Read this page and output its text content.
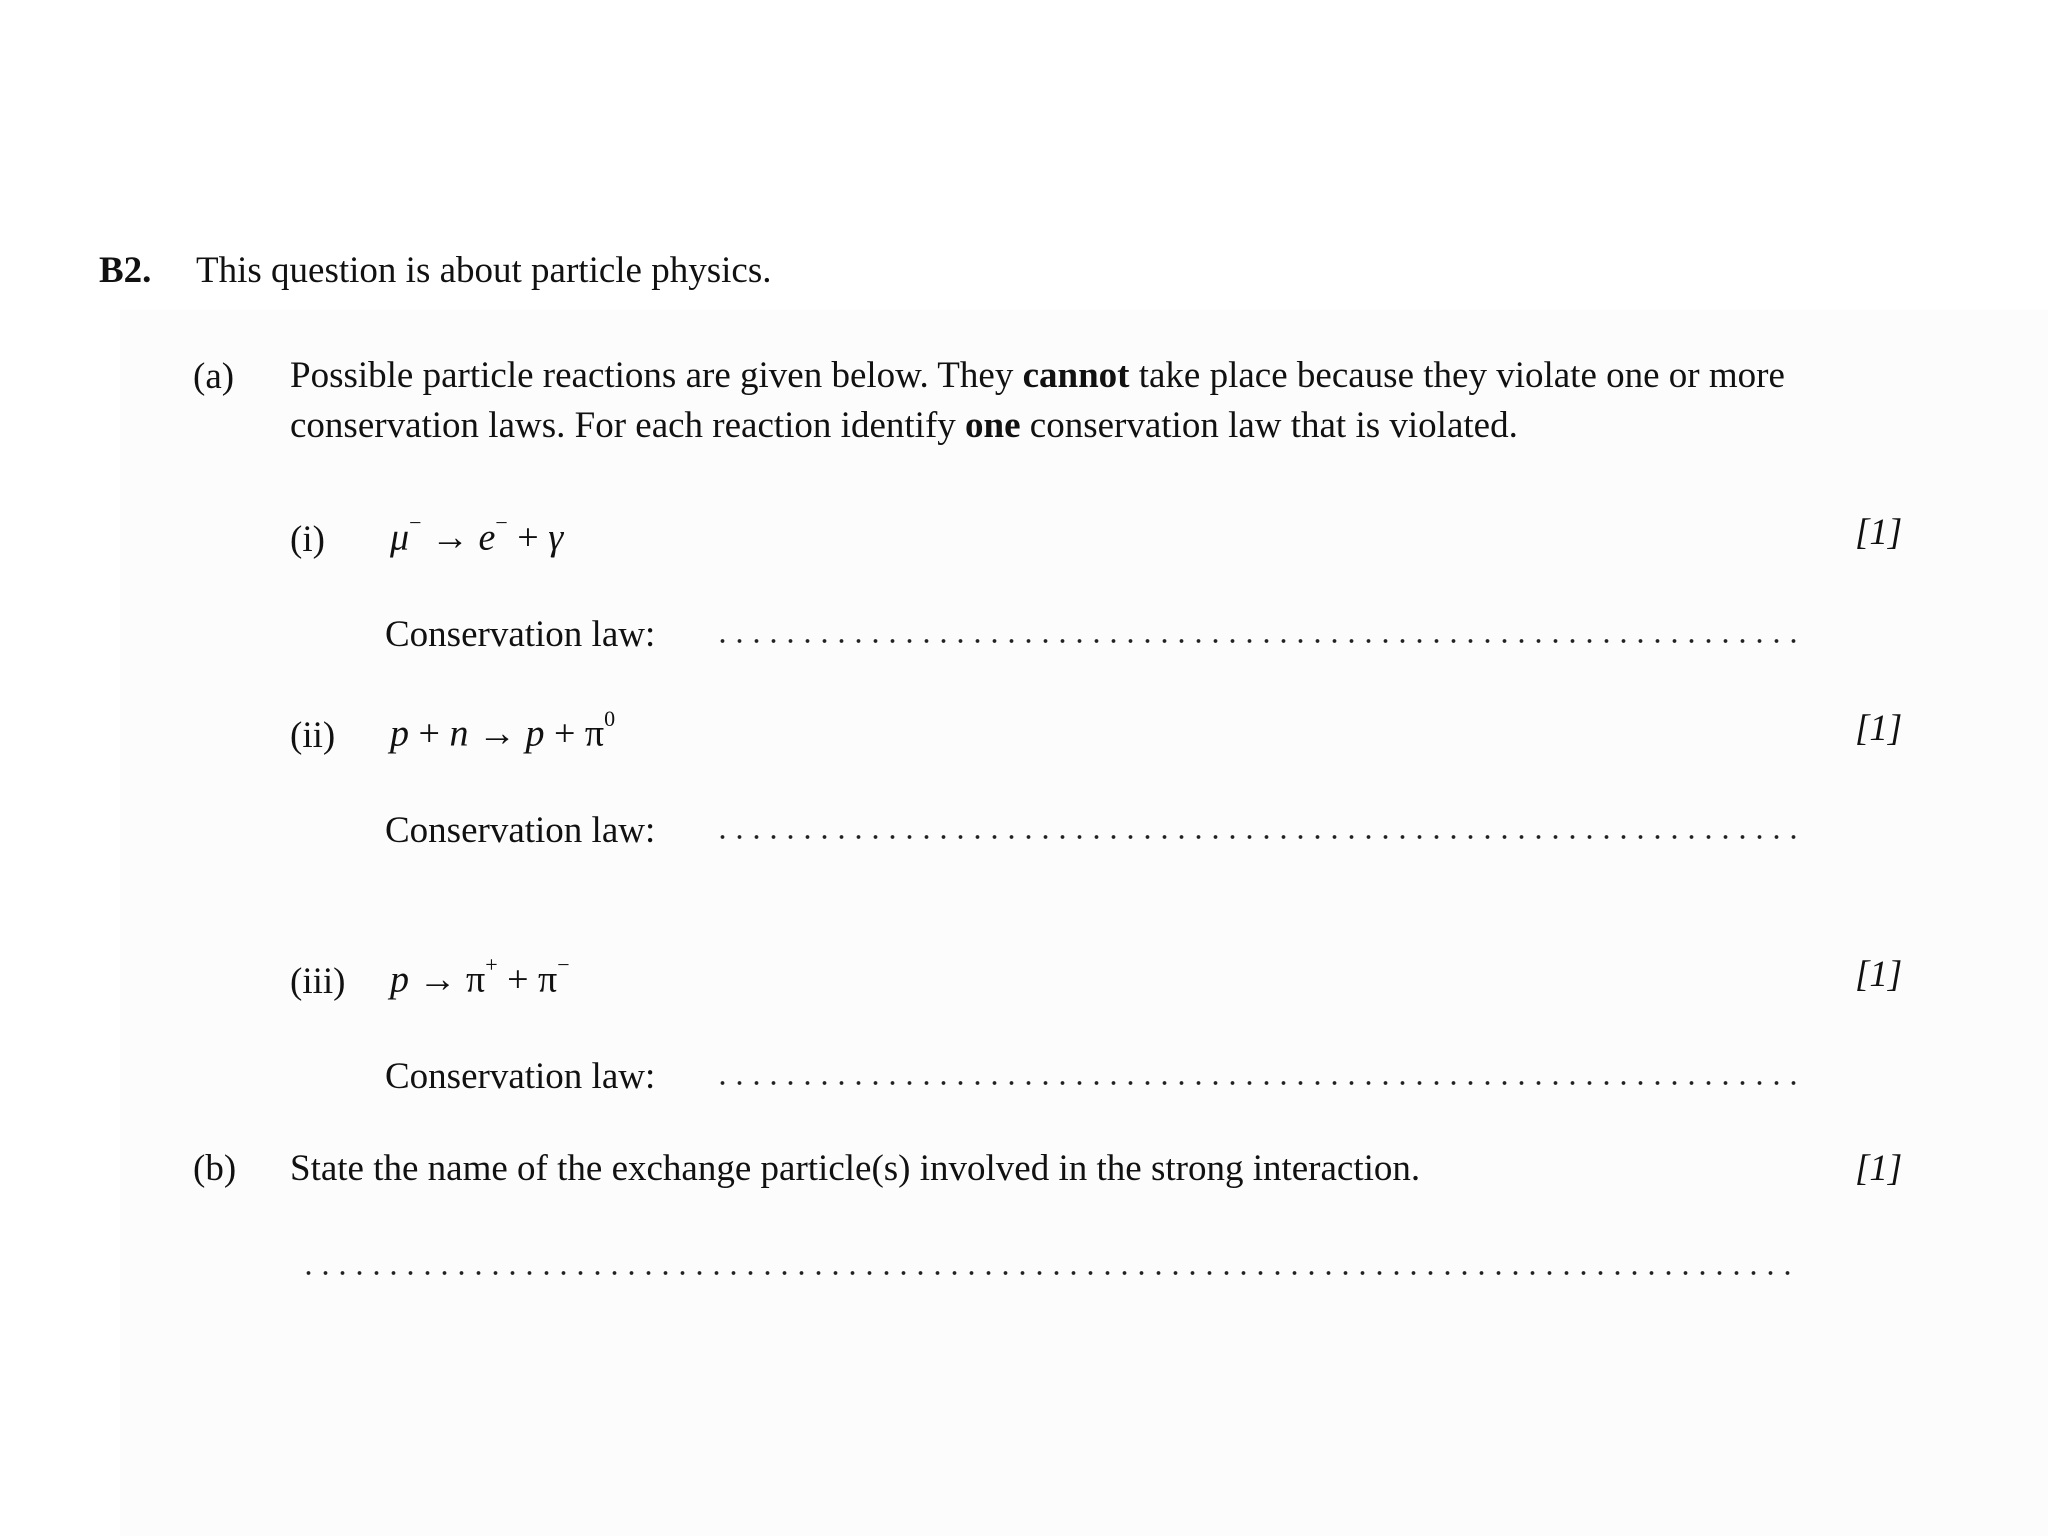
B2. This question is about particle physics.
(a) Possible particle reactions are given below. They cannot take place because they violate one or more conservation laws. For each reaction identify one conservation law that is violated.
(i) μ− → e− + γ	[1]
Conservation law:
(ii) $p + n \to p + \pi^0$	[1]
Conservation law:
(iii) p → π+ + π−	[1]
Conservation law:
(b) State the name of the exchange particle(s) involved in the strong interaction.	[1]
